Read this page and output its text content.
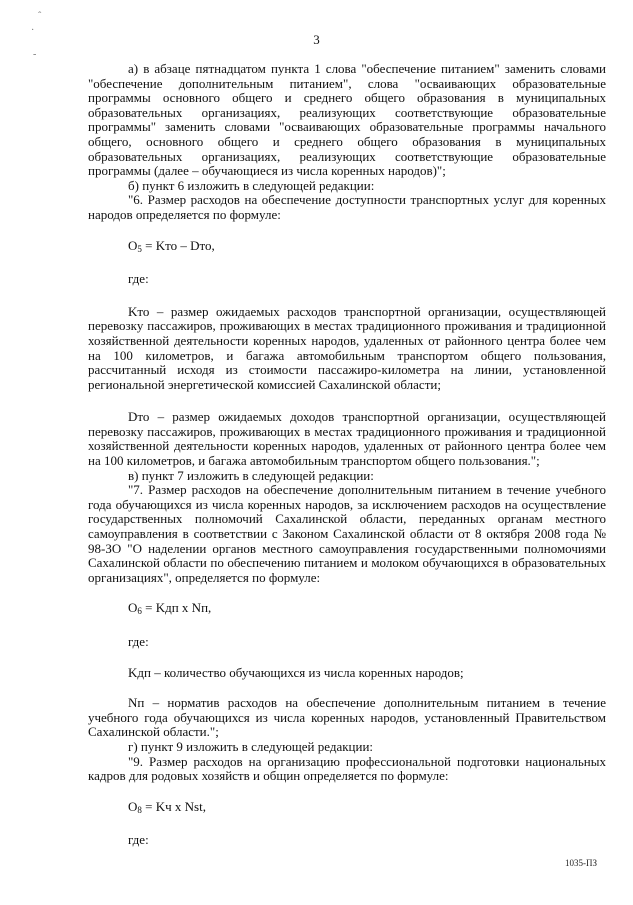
ˆ
·
-
3

а) в абзаце пятнадцатом пункта 1 слова "обеспечение питанием" заменить словами "обеспечение дополнительным питанием", слова "осваивающих образовательные программы основного общего и среднего общего образования в муниципальных образовательных организациях, реализующих соответствующие образовательные программы" заменить словами "осваивающих образовательные программы начального общего, основного общего и среднего общего образования в муниципальных образовательных организациях, реализующих соответствующие образовательные программы (далее – обучающиеся из числа коренных народов)";

б) пункт 6 изложить в следующей редакции:

"6. Размер расходов на обеспечение доступности транспортных услуг для коренных народов определяется по формуле:

$O_5$ = Kто – Dто,
где:

Kто – размер ожидаемых расходов транспортной организации, осуществляющей перевозку пассажиров, проживающих в местах традиционного проживания и традиционной хозяйственной деятельности коренных народов, удаленных от районного центра более чем на 100 километров, и багажа автомобильным транспортом общего пользования, рассчитанный исходя из стоимости пассажиро-километра на линии, установленной региональной энергетической комиссией Сахалинской области;

Dто – размер ожидаемых доходов транспортной организации, осуществляющей перевозку пассажиров, проживающих в местах традиционного проживания и традиционной хозяйственной деятельности коренных народов, удаленных от районного центра более чем на 100 километров, и багажа автомобильным транспортом общего пользования.";

в) пункт 7 изложить в следующей редакции:

"7. Размер расходов на обеспечение дополнительным питанием в течение учебного года обучающихся из числа коренных народов, за исключением расходов на осуществление государственных полномочий Сахалинской области, переданных органам местного самоуправления в соответствии с Законом Сахалинской области от 8 октября 2008 года № 98-ЗО "О наделении органов местного самоуправления государственными полномочиями Сахалинской области по обеспечению питанием и молоком обучающихся в образовательных организациях", определяется по формуле:

$O_6$ = Kдп x Nп,
где:

Kдп – количество обучающихся из числа коренных народов;

Nп – норматив расходов на обеспечение дополнительным питанием в течение учебного года обучающихся из числа коренных народов, установленный Правительством Сахалинской области.";

г) пункт 9 изложить в следующей редакции:

"9. Размер расходов на организацию профессиональной подготовки национальных кадров для родовых хозяйств и общин определяется по формуле:

$O_8$ = Kч x Nst,
где:
1035-ПЗ
